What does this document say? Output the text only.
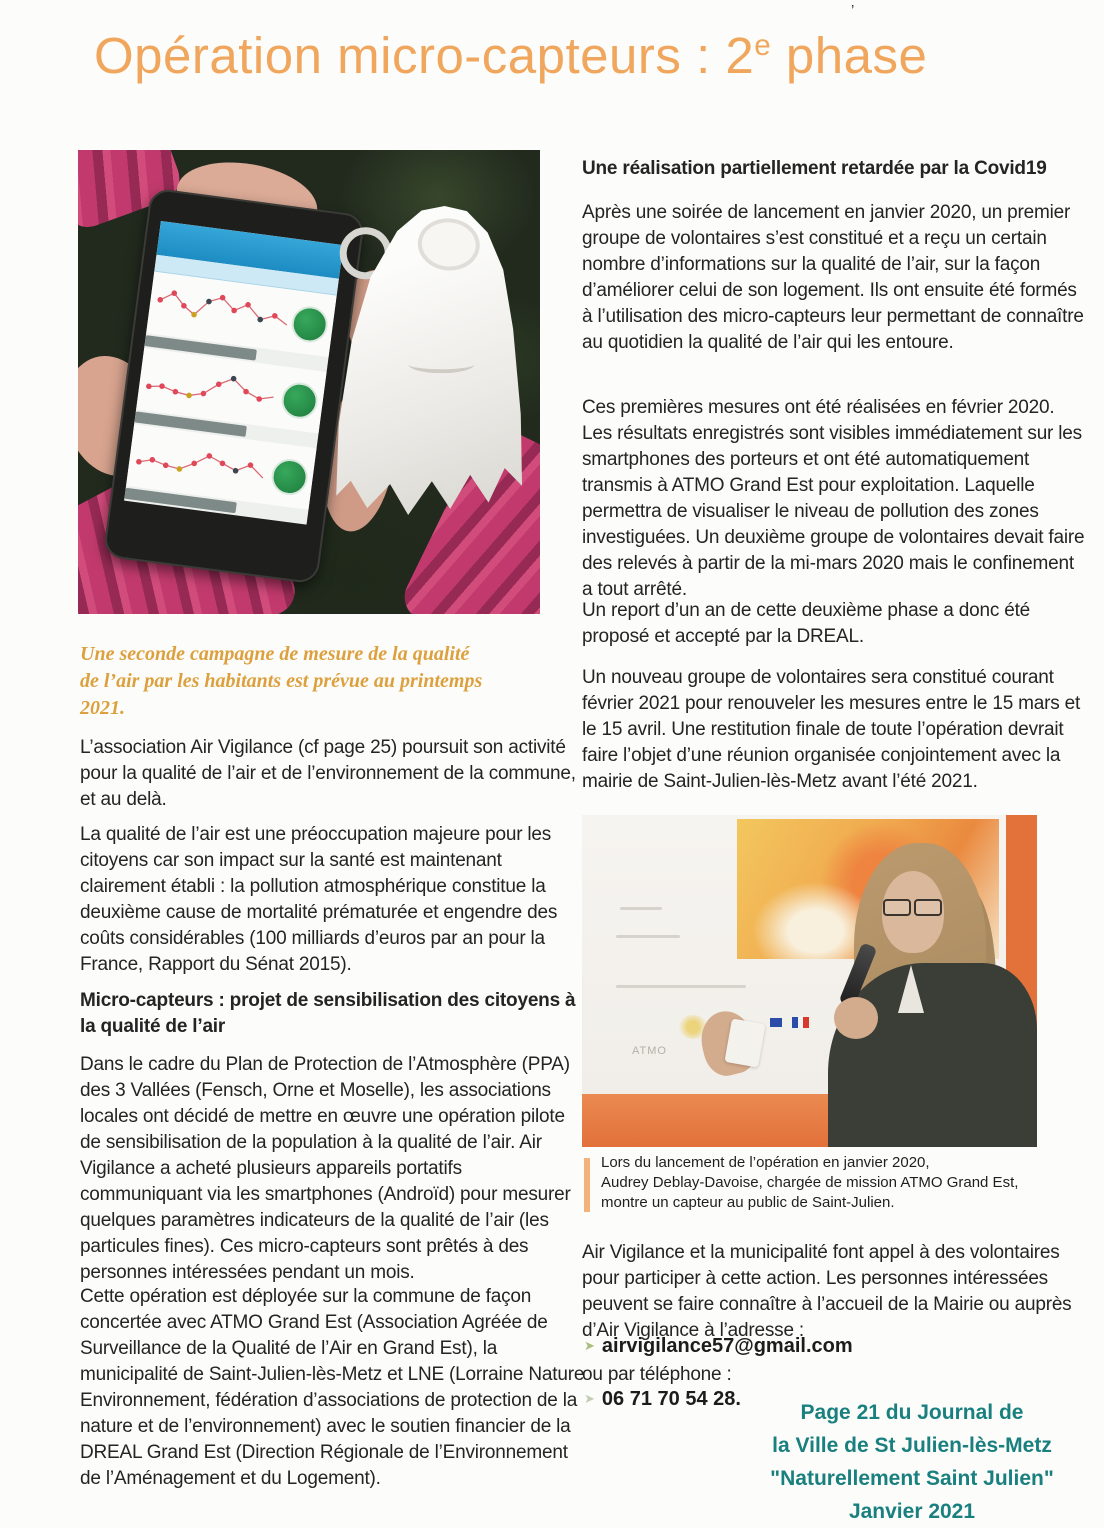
’
Opération micro-capteurs : 2e phase
Une seconde campagne de mesure de la qualité
de l’air par les habitants est prévue au printemps
2021.

L’association Air Vigilance (cf page 25) poursuit son activité pour la qualité de l’air et de l’environnement de la commune, et au delà.

La qualité de l’air est une préoccupation majeure pour les citoyens car son impact sur la santé est maintenant clairement établi : la pollution atmosphérique constitue la deuxième cause de mortalité prématurée et engendre des coûts considérables (100 milliards d’euros par an pour la France, Rapport du Sénat 2015).

Micro-capteurs : projet de sensibilisation des citoyens à la qualité de l’air

Dans le cadre du Plan de Protection de l’Atmosphère (PPA) des 3 Vallées (Fensch, Orne et Moselle), les associations locales ont décidé de mettre en œuvre une opération pilote de sensibilisation de la population à la qualité de l’air. Air Vigilance a acheté plusieurs appareils portatifs communiquant via les smartphones (Androïd) pour mesurer quelques paramètres indicateurs de la qualité de l’air (les particules fines). Ces micro-capteurs sont prêtés à des personnes intéressées pendant un mois.

Cette opération est déployée sur la commune de façon concertée avec ATMO Grand Est (Association Agréée de Surveillance de la Qualité de l’Air en Grand Est), la municipalité de Saint-Julien-lès-Metz et LNE (Lorraine Nature Environnement, fédération d’associations de protection de la nature et de l’environnement) avec le soutien financier de la DREAL Grand Est (Direction Régionale de l’Environnement de l’Aménagement et du Logement).

Une réalisation partiellement retardée par la Covid19

Après une soirée de lancement en janvier 2020, un premier groupe de volontaires s’est constitué et a reçu un certain nombre d’informations sur la qualité de l’air, sur la façon d’améliorer celui de son logement. Ils ont ensuite été formés à l’utilisation des micro-capteurs leur permettant de connaître au quotidien la qualité de l’air qui les entoure.

Ces premières mesures ont été réalisées en février 2020. Les résultats enregistrés sont visibles immédiatement sur les smartphones des porteurs et ont été automatiquement transmis à ATMO Grand Est pour exploitation. Laquelle permettra de visualiser le niveau de pollution des zones investiguées. Un deuxième groupe de volontaires devait faire des relevés à partir de la mi-mars 2020 mais le confinement a tout arrêté.

Un report d’un an de cette deuxième phase a donc été proposé et accepté par la DREAL.

Un nouveau groupe de volontaires sera constitué courant février 2021 pour renouveler les mesures entre le 15 mars et le 15 avril. Une restitution finale de toute l’opération devrait faire l’objet d’une réunion organisée conjointement avec la mairie de Saint-Julien-lès-Metz avant l’été 2021.

ATMO
Lors du lancement de l’opération en janvier 2020,
Audrey Deblay-Davoise, chargée de mission ATMO Grand Est,
montre un capteur au public de Saint-Julien.

Air Vigilance et la municipalité font appel à des volontaires pour participer à cette action. Les personnes intéressées peuvent se faire connaître à l’accueil de la Mairie ou auprès d’Air Vigilance à l’adresse :

➤ airvigilance57@gmail.com

ou par téléphone :

➤ 06 71 70 54 28.
Page 21 du Journal de
la Ville de St Julien-lès-Metz
"Naturellement Saint Julien"
Janvier 2021
